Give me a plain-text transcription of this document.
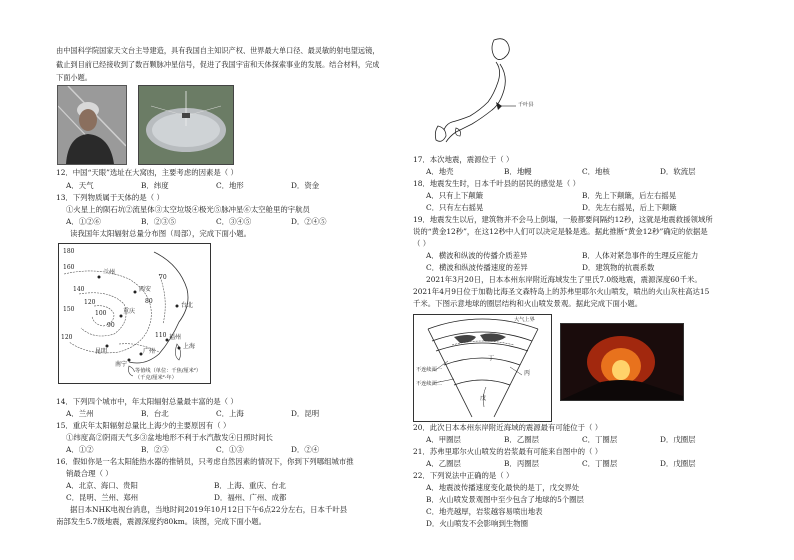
由中国科学院国家天文台主导建造，具有我国自主知识产权、世界最大单口径、最灵敏的射电望远镜，截止到目前已经接收到了数百颗脉冲星信号，促进了我国宇宙和天体探索事业的发展。结合材料，完成下面小题。
12．中国“天眼”选址在大窝凼，主要考虑的因素是（ ）
A．天气	B．纬度	C．地形	D．资金
13．下列物质属于天体的是（ ）
①火星上的陨石坑②流星体③太空垃圾④极光⑤脉冲星⑥太空舱里的宇航员
A．①②⑥	B．②③⑤	C．③④⑤	D．②④⑤
读我国年太阳辐射总量分布图（局部），完成下面小题。
180
160
140
120
100
90
80
70
120
150
110
兰州
西安
重庆
台北
上海
广州
昆明
南宁
福州
等值线（单位：千焦/厘米²）
（千克/厘米²·年）
14．下列四个城市中，年太阳辐射总量最丰富的是（ ）
A．兰州	B．台北	C．上海	D．昆明
15．重庆年太阳辐射总量比上海少的主要原因有（ ）
①纬度高②阴雨天气多③盆地地形不利于水汽散发④日照时间长
A．①②	B．②③	C．①③	D．②④
16．假如你是一名太阳能热水器的推销员，只考虑自然因素的情况下，你到下列哪组城市推
销最合理（ ）
A．北京、海口、贵阳	B．上海、重庆、台北
C．昆明、兰州、郑州	D．福州、广州、成都
据日本NHK电视台消息，当地时间2019年10月12日下午6点22分左右，日本千叶县
南部发生5.7级地震，震源深度约80km。读图，完成下面小题。
千叶县
17．本次地震，震源位于（ ）
A．地壳	B．地幔	C．地核	D．软流层
18．地震发生时，日本千叶县的居民的感觉是（ ）
A．只有上下颠簸	B．先上下颠簸，后左右摇晃
C．只有左右摇晃	D．先左右摇晃，后上下颠簸
19．地震发生以后，建筑物并不会马上倒塌，一般都要间隔约12秒，这就是地震救援领域所
说的“黄金12秒”，在这12秒中人们可以决定是躲是逃。据此推断“黄金12秒”确定的依据是
（ ）
A．横波和纵波的传播介质差异	B．人体对紧急事件的生理反应能力
C．横波和纵波传播速度的差异	D．建筑物的抗震系数
2021年3月20日，日本本州东岸附近海域发生了里氏7.0级地震，震源深度60千米。
2021年4月9日位于加勒比海圣文森特岛上的苏弗里耶尔火山喷发，喷出的火山灰柱高达15
千米。下图示意地球的圈层结构和火山喷发景观。据此完成下面小题。
大气上界
丁
丙
戊
不连续面一
不连续面二
20．此次日本本州东岸附近海域的震源最有可能位于（ ）
A．甲圈层	B．乙圈层	C．丁圈层	D．戊圈层
21．苏弗里耶尔火山喷发的岩浆最有可能来自图中的（ ）
A．乙圈层	B．丙圈层	C．丁圈层	D．戊圈层
22．下列说法中正确的是（ ）
A．地震波传播速度变化最快的是丁，戊交界处
B．火山喷发景观图中至少包含了地球的5个圈层
C．地壳越厚，岩浆越容易喷出地表
D．火山喷发不会影响到生物圈
